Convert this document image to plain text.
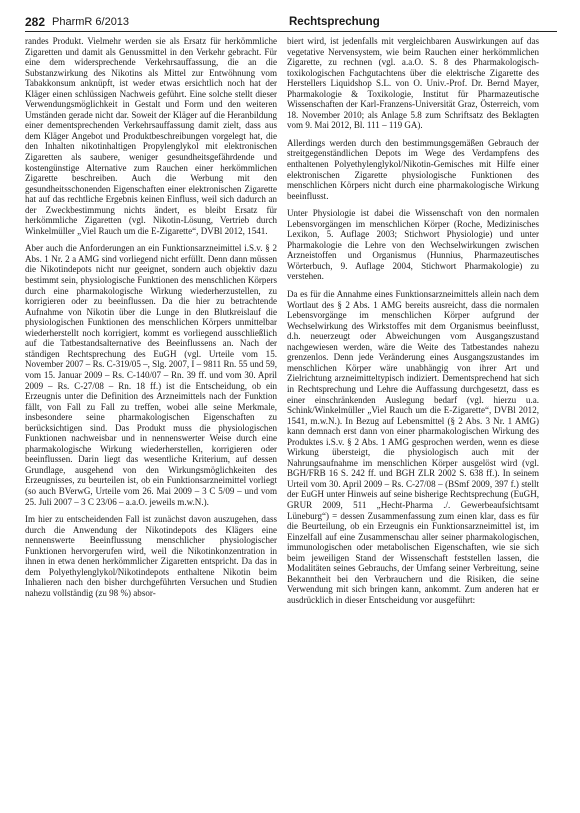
282 PharmR 6/2013	Rechtsprechung

randes Produkt. Vielmehr werden sie als Ersatz für herkömmliche Zigaretten und damit als Genussmittel in den Verkehr gebracht. Für eine dem widersprechende Verkehrsauffassung, die an die Substanzwirkung des Nikotins als Mittel zur Entwöhnung vom Tabakkonsum anknüpft, ist weder etwas ersichtlich noch hat der Kläger einen schlüssigen Nachweis geführt. Eine solche stellt dieser Verwendungsmöglichkeit in Gestalt und Form und den weiteren Umständen gerade nicht dar. Soweit der Kläger auf die Heranbildung einer dementsprechenden Verkehrsauffassung damit zielt, dass aus dem Kläger Angebot und Produktbeschreibungen vorgelegt hat, die den Inhalten nikotinhaltigen Propylenglykol mit elektronischen Zigaretten als saubere, weniger gesundheitsgefährdende und kostengünstige Alternative zum Rauchen einer herkömmlichen Zigarette beschreiben. Auch die Werbung mit den gesundheitsschonenden Eigenschaften einer elektronischen Zigarette hat auf das rechtliche Ergebnis keinen Einfluss, weil sich dadurch an der Zweckbestimmung nichts ändert, es bleibt Ersatz für herkömmliche Zigaretten (vgl. Nikotin-Lösung, Vertrieb durch Winkelmüller „Viel Rauch um die E-Zigarette“, DVBl 2012, 1541.

Aber auch die Anforderungen an ein Funktionsarzneimittel i.S.v. § 2 Abs. 1 Nr. 2 a AMG sind vorliegend nicht erfüllt. Denn dann müssen die Nikotindepots nicht nur geeignet, sondern auch objektiv dazu bestimmt sein, physiologische Funktionen des menschlichen Körpers durch eine pharmakologische Wirkung wiederherzustellen, zu korrigieren oder zu beeinflussen. Da die hier zu betrachtende Aufnahme von Nikotin über die Lunge in den Blutkreislauf die physiologischen Funktionen des menschlichen Körpers unmittelbar wiederherstellt noch korrigiert, kommt es vorliegend ausschließlich auf die Tatbestandsalternative des Beeinflussens an. Nach der ständigen Rechtsprechung des EuGH (vgl. Urteile vom 15. November 2007 – Rs. C-319/05 –, Slg. 2007, I – 9811 Rn. 55 und 59, vom 15. Januar 2009 – Rs. C-140/07 – Rn. 39 ff. und vom 30. April 2009 – Rs. C-27/08 – Rn. 18 ff.) ist die Entscheidung, ob ein Erzeugnis unter die Definition des Arzneimittels nach der Funktion fällt, von Fall zu Fall zu treffen, wobei alle seine Merkmale, insbesondere seine pharmakologischen Eigenschaften zu berücksichtigen sind. Das Produkt muss die physiologischen Funktionen nachweisbar und in nennenswerter Weise durch eine pharmakologische Wirkung wiederherstellen, korrigieren oder beeinflussen. Darin liegt das wesentliche Kriterium, auf dessen Grundlage, ausgehend von den Wirkungsmöglichkeiten des Erzeugnisses, zu beurteilen ist, ob ein Funktionsarzneimittel vorliegt (so auch BVerwG, Urteile vom 26. Mai 2009 – 3 C 5/09 – und vom 25. Juli 2007 – 3 C 23/06 – a.a.O. jeweils m.w.N.).

Im hier zu entscheidenden Fall ist zunächst davon auszugehen, dass durch die Anwendung der Nikotindepots des Klägers eine nennenswerte Beeinflussung menschlicher physiologischer Funktionen hervorgerufen wird, weil die Nikotinkonzentration in ihnen in etwa denen herkömmlicher Zigaretten entspricht. Da das in dem Polyethylenglykol/Nikotindepots enthaltene Nikotin beim Inhalieren nach den bisher durchgeführten Versuchen und Studien nahezu vollständig (zu 98 %) absor-

biert wird, ist jedenfalls mit vergleichbaren Auswirkungen auf das vegetative Nervensystem, wie beim Rauchen einer herkömmlichen Zigarette, zu rechnen (vgl. a.a.O. S. 8 des Pharmakologisch-toxikologischen Fachgutachtens über die elektrische Zigarette des Herstellers Liquidshop S.L. von O. Univ.-Prof. Dr. Bernd Mayer, Pharmakologie & Toxikologie, Institut für Pharmazeutische Wissenschaften der Karl-Franzens-Universität Graz, Österreich, vom 18. November 2010; als Anlage 5.8 zum Schriftsatz des Beklagten vom 9. Mai 2012, Bl. 111 – 119 GA).

Allerdings werden durch den bestimmungsgemäßen Gebrauch der streitgegenständlichen Depots im Wege des Verdampfens des enthaltenen Polyethylenglykol/Nikotin-Gemisches mit Hilfe einer elektronischen Zigarette physiologische Funktionen des menschlichen Körpers nicht durch eine pharmakologische Wirkung beeinflusst.

Unter Physiologie ist dabei die Wissenschaft von den normalen Lebensvorgängen im menschlichen Körper (Roche, Medizinisches Lexikon, 5. Auflage 2003; Stichwort Physiologie) und unter Pharmakologie die Lehre von den Wechselwirkungen zwischen Arzneistoffen und Organismus (Hunnius, Pharmazeutisches Wörterbuch, 9. Auflage 2004, Stichwort Pharmakologie) zu verstehen.

Da es für die Annahme eines Funktionsarzneimittels allein nach dem Wortlaut des § 2 Abs. 1 AMG bereits ausreicht, dass die normalen Lebensvorgänge im menschlichen Körper aufgrund der Wechselwirkung des Wirkstoffes mit dem Organismus beeinflusst, d.h. neuerzeugt oder Abweichungen vom Ausgangszustand nachgewiesen werden, wäre die Weite des Tatbestandes nahezu grenzenlos. Denn jede Veränderung eines Ausgangszustandes im menschlichen Körper wäre unabhängig von ihrer Art und Zielrichtung arzneimitteltypisch indiziert. Dementsprechend hat sich in Rechtsprechung und Lehre die Auffassung durchgesetzt, dass es einer einschränkenden Auslegung bedarf (vgl. hierzu u.a. Schink/Winkelmüller „Viel Rauch um die E-Zigarette“, DVBl 2012, 1541, m.w.N.). In Bezug auf Lebensmittel (§ 2 Abs. 3 Nr. 1 AMG) kann demnach erst dann von einer pharmakologischen Wirkung des Produktes i.S.v. § 2 Abs. 1 AMG gesprochen werden, wenn es diese Wirkung übersteigt, die physiologisch auch mit der Nahrungsaufnahme im menschlichen Körper ausgelöst wird (vgl. BGH/FRB 16 S. 242 ff. und BGH ZLR 2002 S. 638 ff.). In seinem Urteil vom 30. April 2009 – Rs. C-27/08 – (BSmf 2009, 397 f.) stellt der EuGH unter Hinweis auf seine bisherige Rechtsprechung (EuGH, GRUR 2009, 511 „Hecht-Pharma ./. Gewerbeaufsichtsamt Lüneburg“) = dessen Zusammenfassung zum einen klar, dass es für die Beurteilung, ob ein Erzeugnis ein Funktionsarzneimittel ist, im Einzelfall auf eine Zusammenschau aller seiner pharmakologischen, immunologischen oder metabolischen Eigenschaften, wie sie sich beim jeweiligen Stand der Wissenschaft feststellen lassen, die Modalitäten seines Gebrauchs, der Umfang seiner Verbreitung, seine Bekanntheit bei den Verbrauchern und die Risiken, die seine Verwendung mit sich bringen kann, ankommt. Zum anderen hat er ausdrücklich in dieser Entscheidung vor ausgeführt:
